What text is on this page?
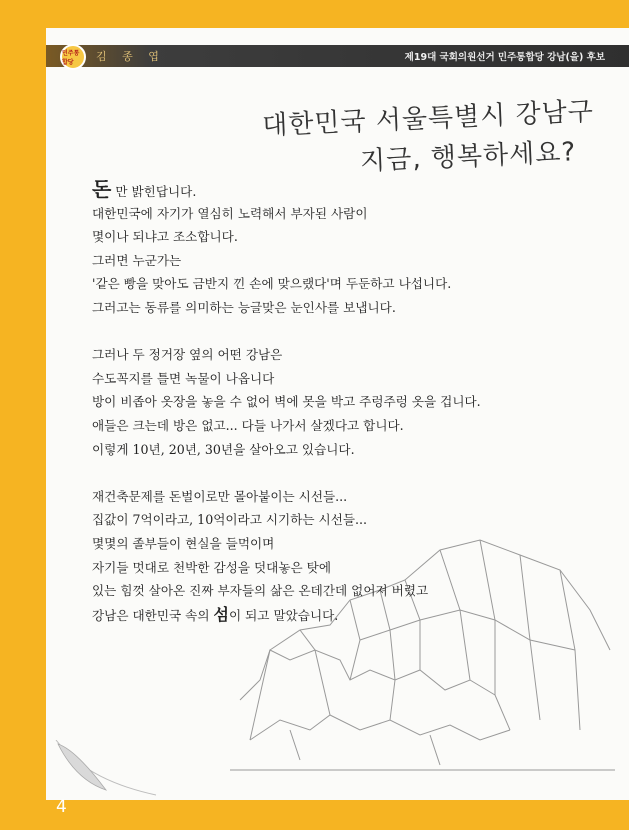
민주통합당	김 종 엽	제19대 국회의원선거 민주통합당 강남(을) 후보
대한민국 서울특별시 강남구
지금, 행복하세요?
돈 만 밝힌답니다.
대한민국에 자기가 열심히 노력해서 부자된 사람이
몇이나 되냐고 조소합니다.
그러면 누군가는
'같은 빵을 맞아도 금반지 낀 손에 맞으랬다'며 두둔하고 나섭니다.
그러고는 동류를 의미하는 능글맞은 눈인사를 보냅니다.
그러나 두 정거장 옆의 어떤 강남은
수도꼭지를 틀면 녹물이 나옵니다
방이 비좁아 옷장을 놓을 수 없어 벽에 못을 박고 주렁주렁 옷을 겁니다.
애들은 크는데 방은 없고... 다들 나가서 살겠다고 합니다.
이렇게 10년, 20년, 30년을 살아오고 있습니다.
재건축문제를 돈벌이로만 몰아붙이는 시선들...
집값이 7억이라고, 10억이라고 시기하는 시선들...
몇몇의 졸부들이 현실을 들먹이며
자기들 멋대로 천박한 감성을 덧대놓은 탓에
있는 힘껏 살아온 진짜 부자들의 삶은 온데간데 없어져 버렸고
강남은 대한민국 속의 섬이 되고 말았습니다.
4
